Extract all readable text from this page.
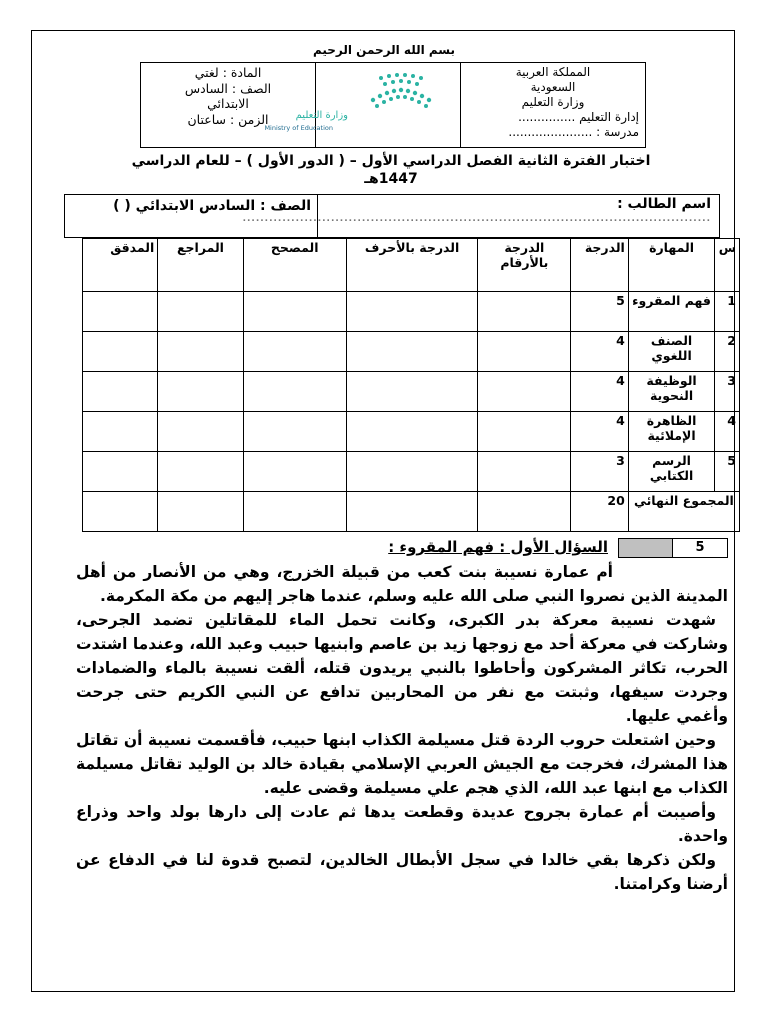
بسم الله الرحمن الرحيم
المملكة العربية
السعودية
وزارة التعليم
إدارة التعليم ...............
مدرسة : ......................
وزارة التعليم
Ministry of Education
المادة : لغتي
الصف : السادس
الابتدائي
الزمن : ساعتان
اختبار الفترة الثانية الفصل الدراسي الأول – ( الدور الأول ) – للعام الدراسي
1447هـ
اسم الطالب :
..........................................................................................................
الصف : السادس الابتدائي ( )
س	المهارة	الدرجة	الدرجة بالأرقام	الدرجة بالأحرف	المصحح	المراجع	المدقق
1	فهم المقروء	5					
2	الصنف اللغوي	4					
3	الوظيفة النحوية	4					
4	الظاهرة الإملائية	4					
5	الرسم الكتابي	3					
المجموع النهائي		20					
5
السؤال الأول : فهم المقروء :

أم عمارة نسيبة بنت كعب من قبيلة الخزرج، وهي من الأنصار من أهل المدينة الذين نصروا النبي صلى الله عليه وسلم، عندما هاجر إليهم من مكة المكرمة.

شهدت نسيبة معركة بدر الكبرى، وكانت تحمل الماء للمقاتلين تضمد الجرحى، وشاركت في معركة أحد مع زوجها زيد بن عاصم وابنيها حبيب وعبد الله، وعندما اشتدت الحرب، تكاثر المشركون وأحاطوا بالنبي يريدون قتله، ألقت نسيبة بالماء والضمادات وجردت سيفها، وثبتت مع نفر من المحاربين تدافع عن النبي الكريم حتى جرحت وأغمي عليها.

وحين اشتعلت حروب الردة قتل مسيلمة الكذاب ابنها حبيب، فأقسمت نسيبة أن تقاتل هذا المشرك، فخرجت مع الجيش العربي الإسلامي بقيادة خالد بن الوليد تقاتل مسيلمة الكذاب مع ابنها عبد الله، الذي هجم علي مسيلمة وقضى عليه.

وأصيبت أم عمارة بجروح عديدة وقطعت يدها ثم عادت إلى دارها بولد واحد وذراع واحدة.

ولكن ذكرها بقي خالدا في سجل الأبطال الخالدين، لتصبح قدوة لنا في الدفاع عن أرضنا وكرامتنا.
